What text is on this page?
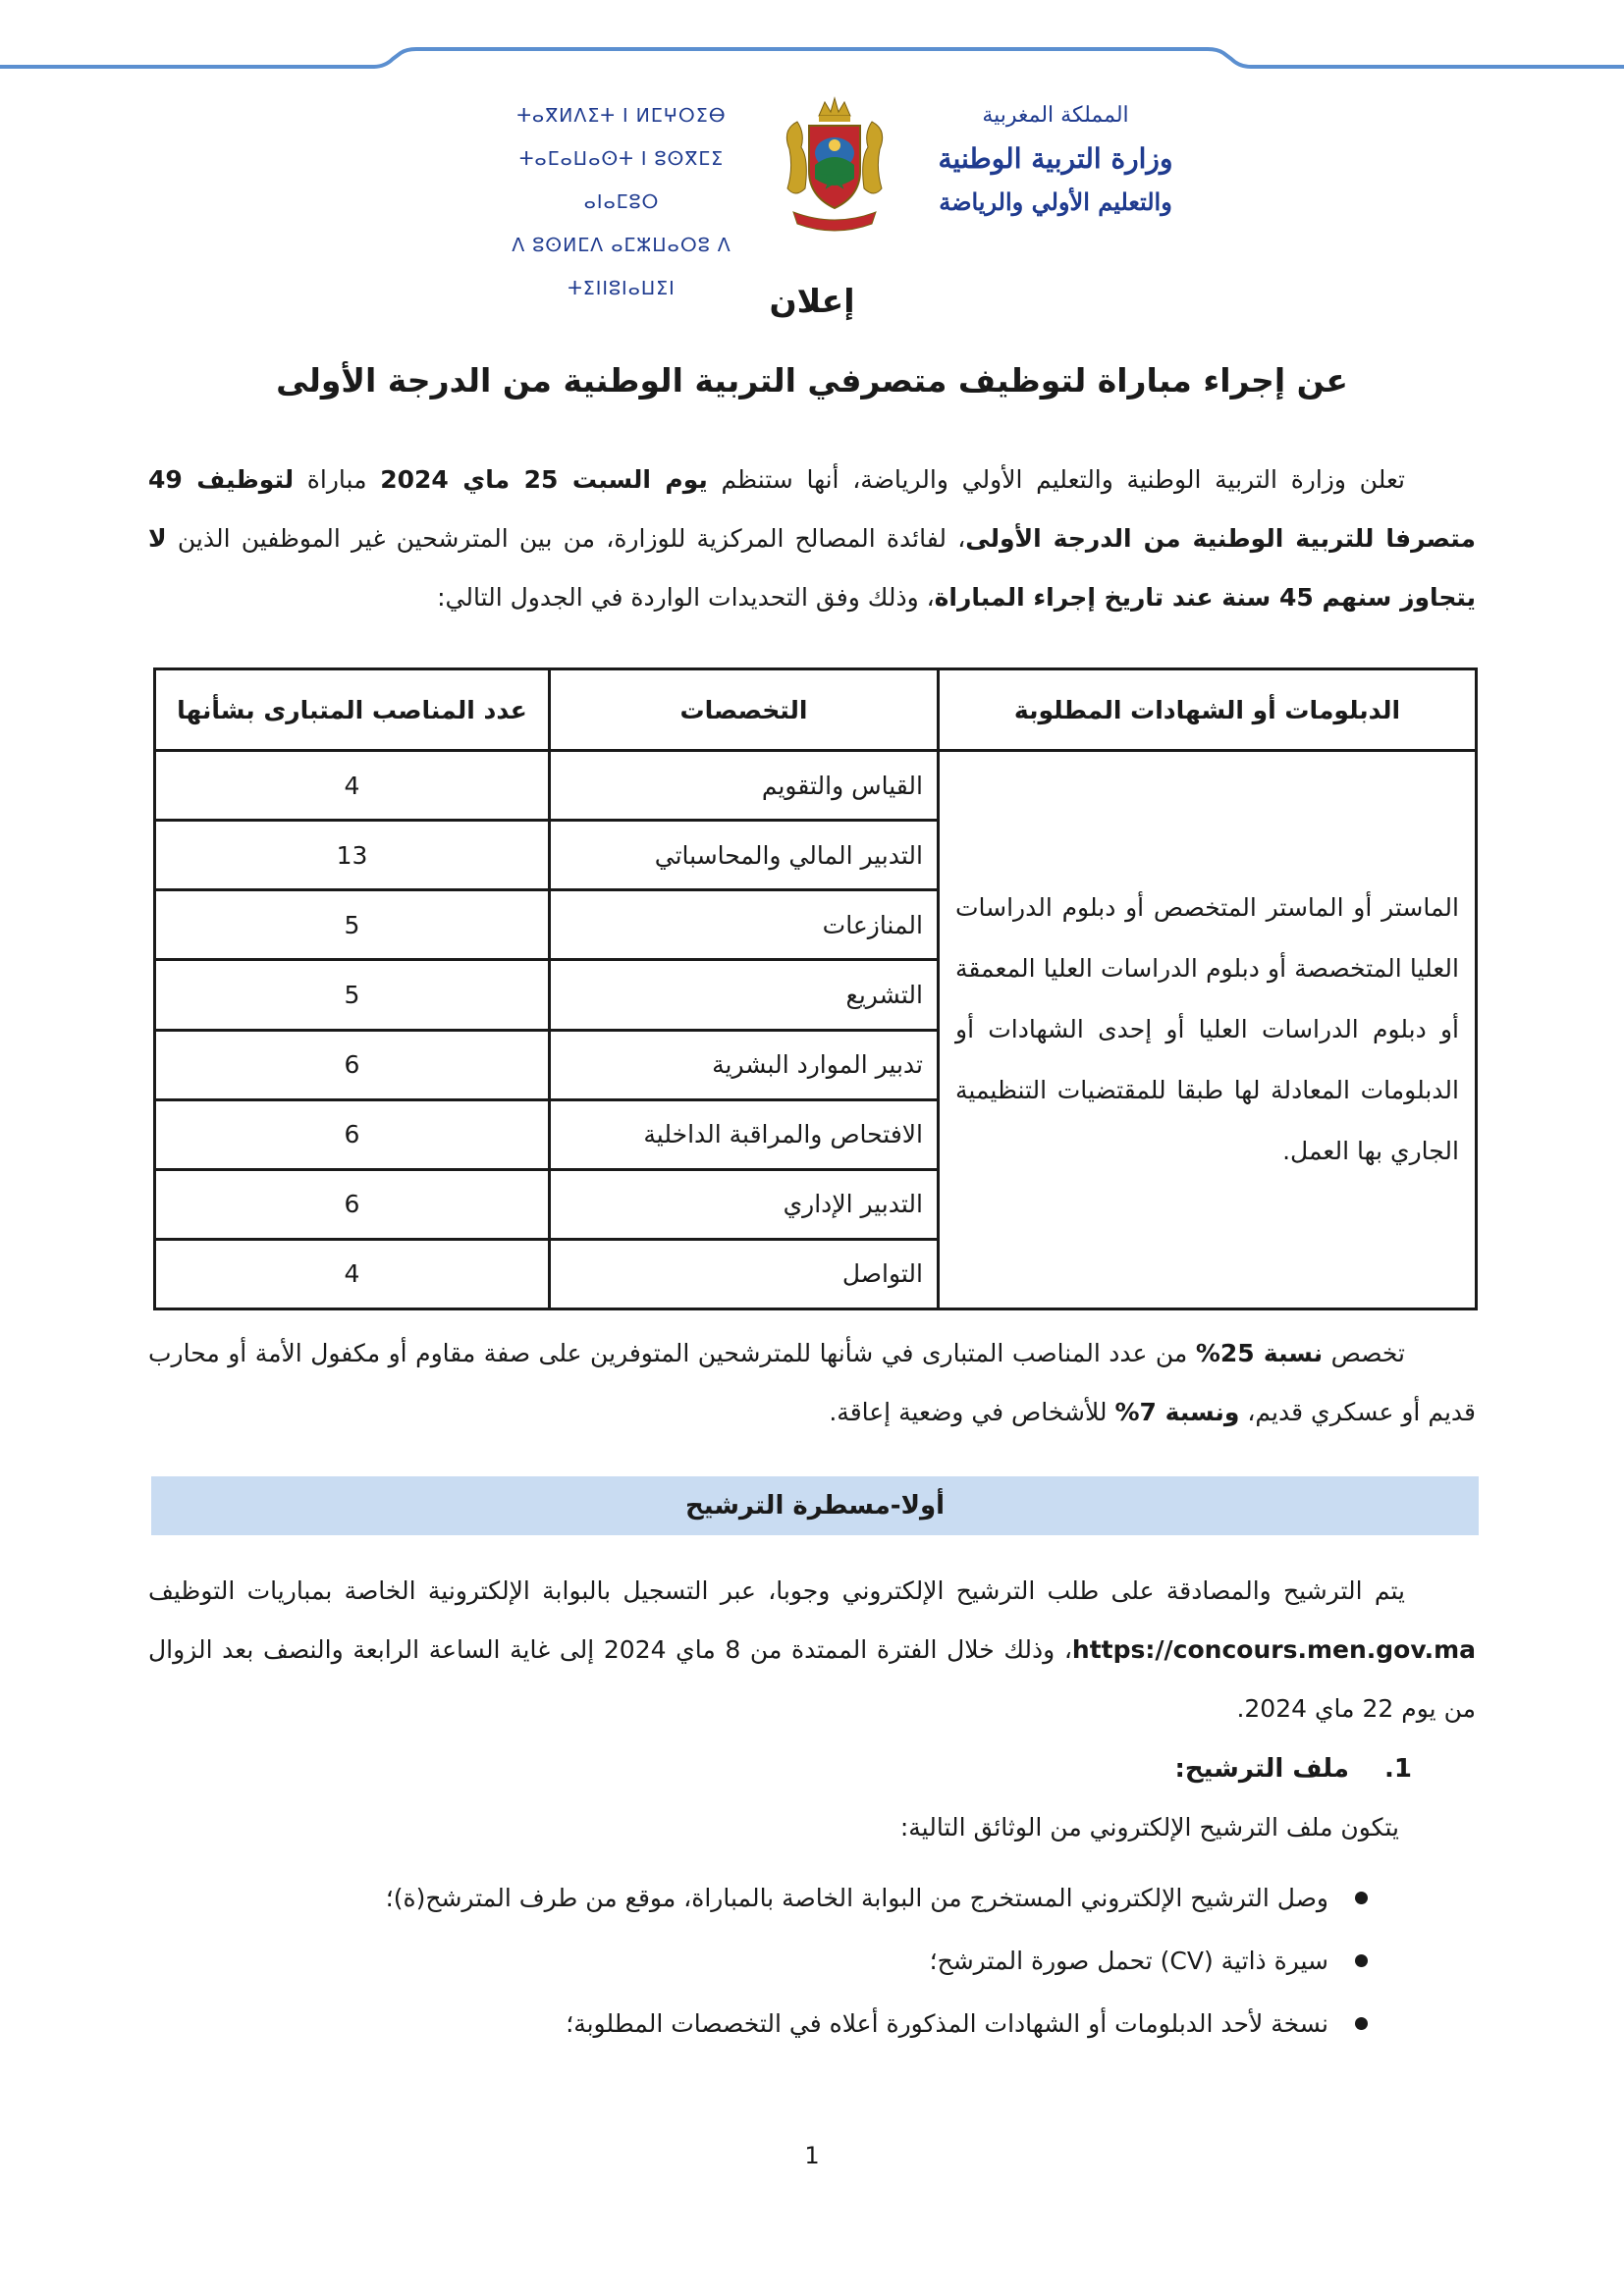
ⵜⴰⴳⵍⴷⵉⵜ ⵏ ⵍⵎⵖⵔⵉⴱ
ⵜⴰⵎⴰⵡⴰⵙⵜ ⵏ ⵓⵙⴳⵎⵉ ⴰⵏⴰⵎⵓⵔ
ⴷ ⵓⵙⵍⵎⴷ ⴰⵎⵣⵡⴰⵔⵓ ⴷ ⵜⵉⵏⵏⵓⵏⴰⵡⵉⵏ
المملكة المغربية
وزارة التربية الوطنية
والتعليم الأولي والرياضة
إعلان
عن إجراء مباراة لتوظيف متصرفي التربية الوطنية من الدرجة الأولى
تعلن وزارة التربية الوطنية والتعليم الأولي والرياضة، أنها ستنظم يوم السبت 25 ماي 2024 مباراة لتوظيف 49 متصرفا للتربية الوطنية من الدرجة الأولى، لفائدة المصالح المركزية للوزارة، من بين المترشحين غير الموظفين الذين لا يتجاوز سنهم 45 سنة عند تاريخ إجراء المباراة، وذلك وفق التحديدات الواردة في الجدول التالي:
الدبلومات أو الشهادات المطلوبة	التخصصات	عدد المناصب المتبارى بشأنها
الماستر أو الماستر المتخصص أو دبلوم الدراسات العليا المتخصصة أو دبلوم الدراسات العليا المعمقة أو دبلوم الدراسات العليا أو إحدى الشهادات أو الدبلومات المعادلة لها طبقا للمقتضيات التنظيمية الجاري بها العمل.	القياس والتقويم	4
	التدبير المالي والمحاسباتي	13
	المنازعات	5
	التشريع	5
	تدبير الموارد البشرية	6
	الافتحاص والمراقبة الداخلية	6
	التدبير الإداري	6
	التواصل	4
تخصص نسبة 25% من عدد المناصب المتبارى في شأنها للمترشحين المتوفرين على صفة مقاوم أو مكفول الأمة أو محارب قديم أو عسكري قديم، ونسبة 7% للأشخاص في وضعية إعاقة.
أولا-مسطرة الترشيح
يتم الترشيح والمصادقة على طلب الترشيح الإلكتروني وجوبا، عبر التسجيل بالبوابة الإلكترونية الخاصة بمباريات التوظيف https://concours.men.gov.ma، وذلك خلال الفترة الممتدة من 8 ماي 2024 إلى غاية الساعة الرابعة والنصف بعد الزوال من يوم 22 ماي 2024.
1.ملف الترشيح:
يتكون ملف الترشيح الإلكتروني من الوثائق التالية:
وصل الترشيح الإلكتروني المستخرج من البوابة الخاصة بالمباراة، موقع من طرف المترشح(ة)؛
سيرة ذاتية (CV) تحمل صورة المترشح؛
نسخة لأحد الدبلومات أو الشهادات المذكورة أعلاه في التخصصات المطلوبة؛
1
